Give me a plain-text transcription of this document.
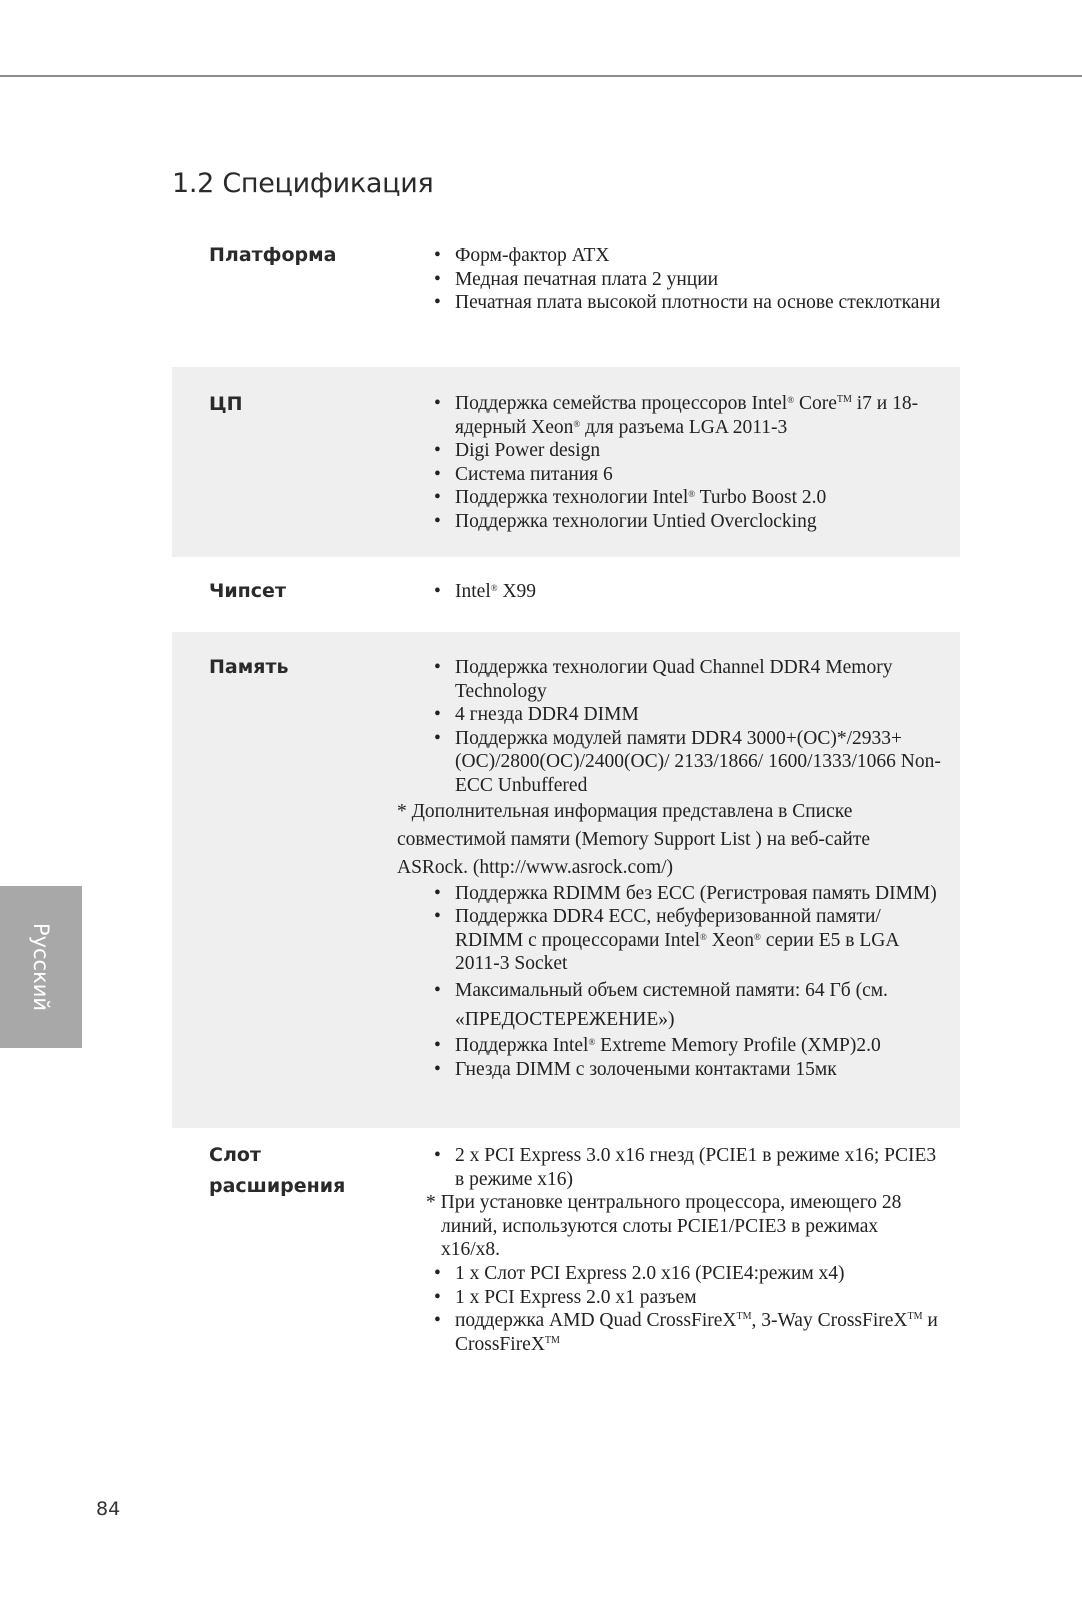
1.2 Спецификация
Платформа	• Форм-фактор ATX
• Медная печатная плата 2 унции
• Печатная плата высокой плотности на основе стеклоткани
ЦП	• Поддержка семейства процессоров Intel® Core™ i7 и 18-ядерный Xeon® для разъема LGA 2011-3
• Digi Power design
• Система питания 6
• Поддержка технологии Intel® Turbo Boost 2.0
• Поддержка технологии Untied Overclocking
Чипсет	• Intel® X99
Память	• Поддержка технологии Quad Channel DDR4 Memory Technology
• 4 гнезда DDR4 DIMM
• Поддержка модулей памяти DDR4 3000+(OC)*/2933+(OC)/2800(OC)/2400(OC)/ 2133/1866/ 1600/1333/1066 Non-ECC Unbuffered
* Дополнительная информация представлена в Списке совместимой памяти (Memory Support List ) на веб-сайте ASRock. (http://www.asrock.com/)
• Поддержка RDIMM без ECC (Регистровая память DIMM)
• Поддержка DDR4 ECC, небуферизованной памяти/ RDIMM с процессорами Intel® Xeon® серии E5 в LGA 2011-3 Socket
• Максимальный объем системной памяти: 64 Гб (см. «ПРЕДОСТЕРЕЖЕНИЕ»)
• Поддержка Intel® Extreme Memory Profile (XMP)2.0
• Гнезда DIMM с золочеными контактами 15мк
Слот
расширения
• 2 x PCI Express 3.0 x16 гнезд (PCIE1 в режиме x16; PCIE3 в режиме x16)
* При установке центрального процессора, имеющего 28 линий, используются слоты PCIE1/PCIE3 в режимах x16/x8.
• 1 x Слот PCI Express 2.0 x16 (PCIE4:режим x4)
• 1 x PCI Express 2.0 x1 разъем
• поддержка AMD Quad CrossFireX™, 3-Way CrossFireX™ и CrossFireX™
Русский
84
